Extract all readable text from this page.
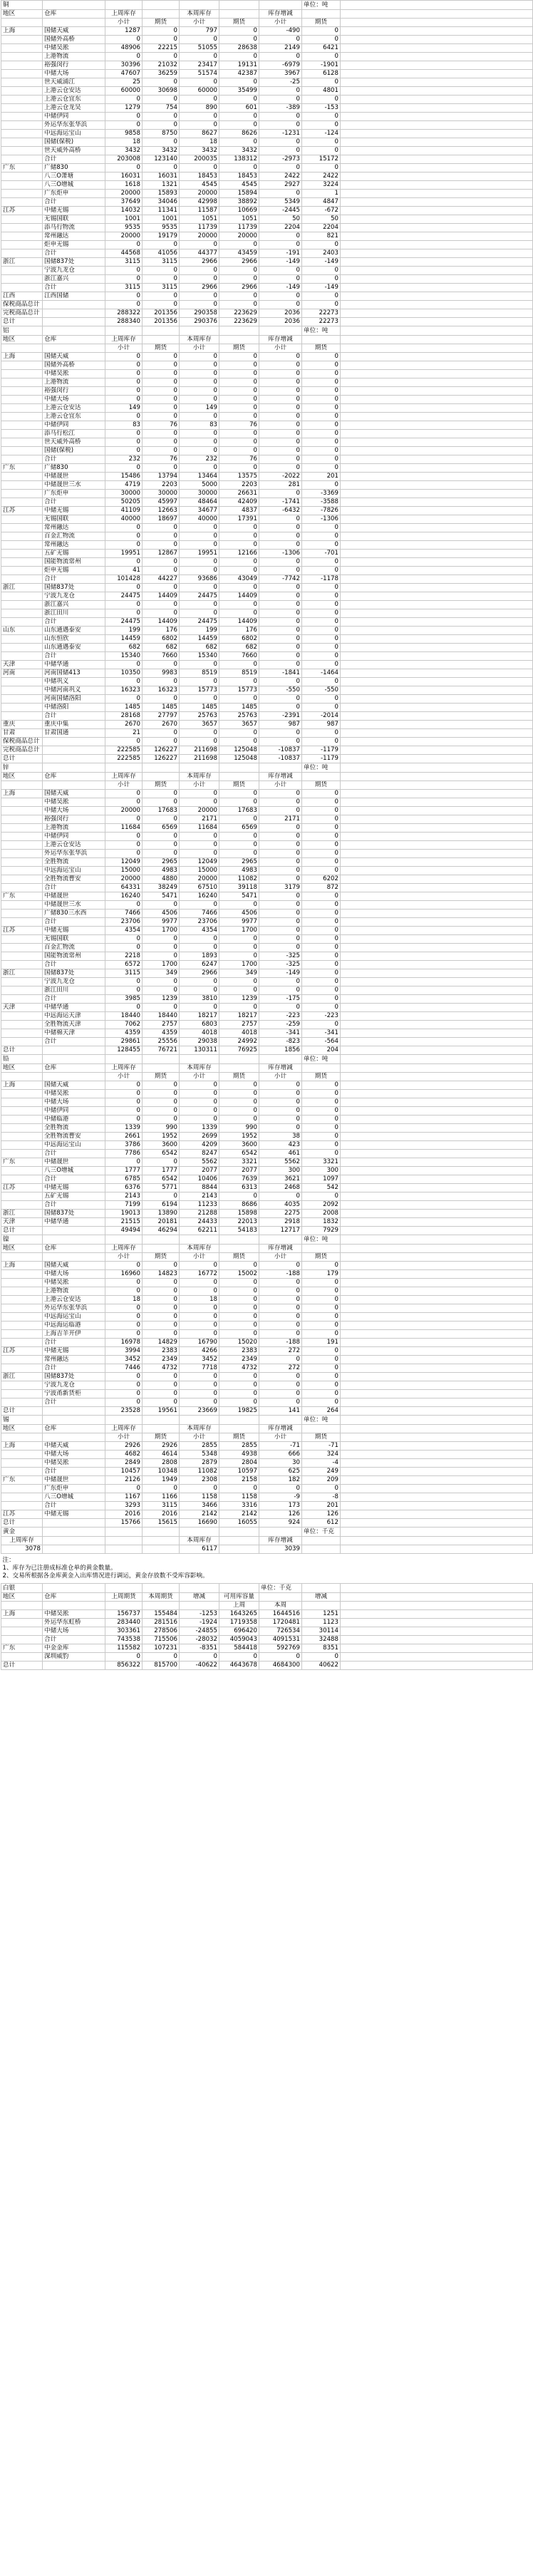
铜							单位：吨	
地区	仓库	上周库存		本周库存		库存增减		
		小计	期货	小计	期货	小计	期货	
上海	国储天威	1287	0	797	0	-490	0	
	国储外高桥	0	0	0	0	0	0	
	中储吴淞	48906	22215	51055	28638	2149	6421	
	上港物流	0	0	0	0	0	0	
	裕强闵行	30396	21032	23417	19131	-6979	-1901	
	中储大场	47607	36259	51574	42387	3967	6128	
	世天威浦江	25	0	0	0	-25	0	
	上港云仓安达	60000	30698	60000	35499	0	4801	
	上港云仓宜东	0	0	0	0	0	0	
	上港云仓龙吴	1279	754	890	601	-389	-153	
	中储伊同	0	0	0	0	0	0	
	外运华东张华浜	0	0	0	0	0	0	
	中远海运宝山	9858	8750	8627	8626	-1231	-124	
	国储(保税)	18	0	18	0	0	0	
	世天威外高桥	3432	3432	3432	3432	0	0	
	合计	203008	123140	200035	138312	-2973	15172	
广东	广储830	0	0	0	0	0	0	
	八三O萧塘	16031	16031	18453	18453	2422	2422	
	八三O增城	1618	1321	4545	4545	2927	3224	
	广东炬申	20000	15893	20000	15894	0	1	
	合计	37649	34046	42998	38892	5349	4847	
江苏	中储无锡	14032	11341	11587	10669	-2445	-672	
	无锡国联	1001	1001	1051	1051	50	50	
	添马行物流	9535	9535	11739	11739	2204	2204	
	常州融达	20000	19179	20000	20000	0	821	
	炬申无锡	0	0	0	0	0	0	
	合计	44568	41056	44377	43459	-191	2403	
浙江	国储837处	3115	3115	2966	2966	-149	-149	
	宁波九龙仓	0	0	0	0	0	0	
	浙江嘉兴	0	0	0	0	0	0	
	合计	3115	3115	2966	2966	-149	-149	
江西	江西国储	0	0	0	0	0	0	
保税商品总计		0	0	0	0	0	0	
完税商品总计		288322	201356	290358	223629	2036	22273	
总计		288340	201356	290376	223629	2036	22273	
铝							单位：吨	
地区	仓库	上周库存		本周库存		库存增减		
		小计	期货	小计	期货	小计	期货	
上海	国储天威	0	0	0	0	0	0	
	国储外高桥	0	0	0	0	0	0	
	中储吴淞	0	0	0	0	0	0	
	上港物流	0	0	0	0	0	0	
	裕强闵行	0	0	0	0	0	0	
	中储大场	0	0	0	0	0	0	
	上港云仓安达	149	0	149	0	0	0	
	上港云仓宜东	0	0	0	0	0	0	
	中储伊同	83	76	83	76	0	0	
	添马行松江	0	0	0	0	0	0	
	世天威外高桥	0	0	0	0	0	0	
	国储(保税)	0	0	0	0	0	0	
	合计	232	76	232	76	0	0	
广东	广储830	0	0	0	0	0	0	
	中储晟世	15486	13794	13464	13575	-2022	201	
	中储晟世三水	4719	2203	5000	2203	281	0	
	广东炬申	30000	30000	30000	26631	0	-3369	
	合计	50205	45997	48464	42409	-1741	-3588	
江苏	中储无锡	41109	12663	34677	4837	-6432	-7826	
	无锡国联	40000	18697	40000	17391	0	-1306	
	常州融达	0	0	0	0	0	0	
	百金汇物流	0	0	0	0	0	0	
	常州融达	0	0	0	0	0	0	
	五矿无锡	19951	12867	19951	12166	-1306	-701	
	国能物流常州	0	0	0	0	0	0	
	炬申无锡	41	0	0	0	0	0	
	合计	101428	44227	93686	43049	-7742	-1178	
浙江	国储837处	0	0	0	0	0	0	
	宁波九龙仓	24475	14409	24475	14409	0	0	
	浙江嘉兴	0	0	0	0	0	0	
	浙江田川	0	0	0	0	0	0	
	合计	24475	14409	24475	14409	0	0	
山东	山东通遇泰安	199	176	199	176	0	0	
	山东恒欣	14459	6802	14459	6802	0	0	
	山东通遇泰安	682	682	682	682	0	0	
	合计	15340	7660	15340	7660	0	0	
天津	中储华通	0	0	0	0	0	0	
河南	河南国储413	10350	9983	8519	8519	-1841	-1464	
	中储巩义	0	0	0	0	0	0	
	中储河南巩义	16323	16323	15773	15773	-550	-550	
	河南国储洛阳	0	0	0	0	0	0	
	中储洛阳	1485	1485	1485	1485	0	0	
	合计	28168	27797	25763	25763	-2391	-2014	
重庆	重庆中集	2670	2670	3657	3657	987	987	
甘肃	甘肃国通	21	0	0	0	0	0	
保税商品总计		0	0	0	0	0	0	
完税商品总计		222585	126227	211698	125048	-10837	-1179	
总计		222585	126227	211698	125048	-10837	-1179	
锌							单位：吨	
地区	仓库	上周库存		本周库存		库存增减		
		小计	期货	小计	期货	小计	期货	
上海	国储天威	0	0	0	0	0	0	
	中储吴淞	0	0	0	0	0	0	
	中储大场	20000	17683	20000	17683	0	0	
	裕强闵行	0	0	2171	0	2171	0	
	上港物流	11684	6569	11684	6569	0	0	
	中储伊同	0	0	0	0	0	0	
	上港云仓安达	0	0	0	0	0	0	
	外运华东张华浜	0	0	0	0	0	0	
	全胜物流	12049	2965	12049	2965	0	0	
	中远海运宝山	15000	4983	15000	4983	0	0	
	全胜物流曹安	20000	4880	20000	11082	0	6202	
	合计	64331	38249	67510	39118	3179	872	
广东	中储晟世	16240	5471	16240	5471	0	0	
	中储晟世三水	0	0	0	0	0	0	
	广储830三水西	7466	4506	7466	4506	0	0	
	合计	23706	9977	23706	9977	0	0	
江苏	中储无锡	4354	1700	4354	1700	0	0	
	无锡国联	0	0	0	0	0	0	
	百金汇物流	0	0	0	0	0	0	
	国能物流常州	2218	0	1893	0	-325	0	
	合计	6572	1700	6247	1700	-325	0	
浙江	国储837处	3115	349	2966	349	-149	0	
	宁波九龙仓	0	0	0	0	0	0	
	浙江田川	0	0	0	0	0	0	
	合计	3985	1239	3810	1239	-175	0	
天津	中储华通	0	0	0	0	0	0	
	中远海运天津	18440	18440	18217	18217	-223	-223	
	全胜物流天津	7062	2757	6803	2757	-259	0	
	中储棉天津	4359	4359	4018	4018	-341	-341	
	合计	29861	25556	29038	24992	-823	-564	
总计		128455	76721	130311	76925	1856	204	
铅							单位：吨	
地区	仓库	上周库存		本周库存		库存增减		
		小计	期货	小计	期货	小计	期货	
上海	国储天威	0	0	0	0	0	0	
	中储吴淞	0	0	0	0	0	0	
	中储大场	0	0	0	0	0	0	
	中储伊同	0	0	0	0	0	0	
	中储临港	0	0	0	0	0	0	
	全胜物流	1339	990	1339	990	0	0	
	全胜物流曹安	2661	1952	2699	1952	38	0	
	中远海运宝山	3786	3600	4209	3600	423	0	
	合计	7786	6542	8247	6542	461	0	
广东	中储晟世	0	0	5562	3321	5562	3321	
	八三O增城	1777	1777	2077	2077	300	300	
	合计	6785	6542	10406	7639	3621	1097	
江苏	中储无锡	6376	5771	8844	6313	2468	542	
	五矿无锡	2143	0	2143	0	0	0	
	合计	7199	6194	11233	8686	4035	2092	
浙江	国储837处	19013	13890	21288	15898	2275	2008	
天津	中储华通	21515	20181	24433	22013	2918	1832	
总计		49494	46294	62211	54183	12717	7929	
镍							单位：吨	
地区	仓库	上周库存		本周库存		库存增减		
		小计	期货	小计	期货	小计	期货	
上海	国储天威	0	0	0	0	0	0	
	中储大场	16960	14823	16772	15002	-188	179	
	中储吴淞	0	0	0	0	0	0	
	上港物流	0	0	0	0	0	0	
	上港云仓安达	18	0	18	0	0	0	
	外运华东张华浜	0	0	0	0	0	0	
	中远海运宝山	0	0	0	0	0	0	
	中远海运临港	0	0	0	0	0	0	
	上海吉羊开伊	0	0	0	0	0	0	
	合计	16978	14829	16790	15020	-188	191	
江苏	中储无锡	3994	2383	4266	2383	272	0	
	常州融达	3452	2349	3452	2349	0	0	
	合计	7446	4732	7718	4732	272	0	
浙江	国储837处	0	0	0	0	0	0	
	宁波九龙仓	0	0	0	0	0	0	
	宁波甬新货柜	0	0	0	0	0	0	
	合计	0	0	0	0	0	0	
总计		23528	19561	23669	19825	141	264	
锡							单位：吨	
地区	仓库	上周库存		本周库存		库存增减		
		小计	期货	小计	期货	小计	期货	
上海	中储天威	2926	2926	2855	2855	-71	-71	
	中储大场	4682	4614	5348	4938	666	324	
	中储吴淞	2849	2808	2879	2804	30	-4	
	合计	10457	10348	11082	10597	625	249	
广东	中储晟世	2126	1949	2308	2158	182	209	
	广东炬申	0	0	0	0	0	0	
	八三O增城	1167	1166	1158	1158	-9	-8	
	合计	3293	3115	3466	3316	173	201	
江苏	中储无锡	2016	2016	2142	2142	126	126	
总计		15766	15615	16690	16055	924	612	
黄金							单位：千克	
上周库存				本周库存		库存增减		
3078				6117		3039		

注：
1、库存为已注册成标准仓单的黄金数量。
2、交易所根据各金库黄金入出库情况进行调运，黄金存放数不受库容影响。								

白银						单位：千克		
地区	仓库	上周期货	本周期货	增减	可用库容量		增减	
					上周	本周		
上海	中储吴淞	156737	155484	-1253	1643265	1644516	1251	
	外运华东虹桥	283440	281516	-1924	1719358	1720481	1123	
	中储大场	303361	278506	-24855	696420	726534	30114	
	合计	743538	715506	-28032	4059043	4091531	32488	
广东	中金金库	115582	107231	-8351	584418	592769	8351	
	深圳威豹	0	0	0	0	0	0	
总计		856322	815700	-40622	4643678	4684300	40622	
